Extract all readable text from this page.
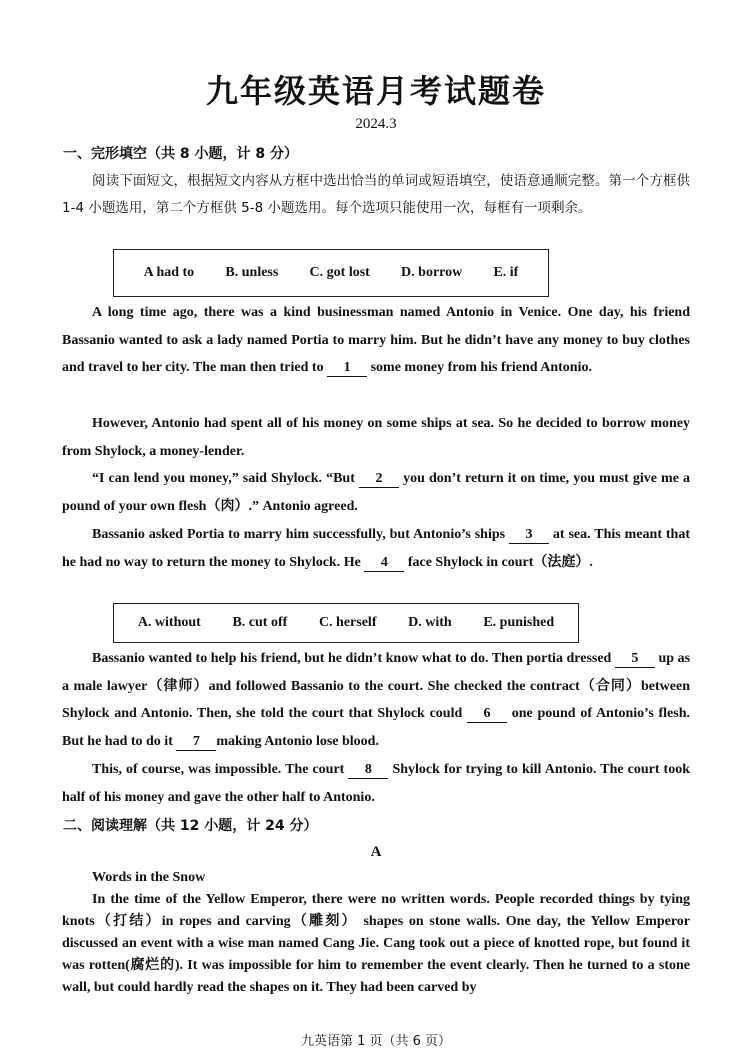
九年级英语月考试题卷
2024.3
一、完形填空（共 8 小题，计 8 分）
阅读下面短文，根据短文内容从方框中选出恰当的单词或短语填空，使语意通顺完整。第一个方框供 1-4 小题选用，第二个方框供 5-8 小题选用。每个选项只能使用一次，每框有一项剩余。
A had to B. unless C. got lost D. borrow E. if
A long time ago, there was a kind businessman named Antonio in Venice. One day, his friend Bassanio wanted to ask a lady named Portia to marry him. But he didn’t have any money to buy clothes and travel to her city. The man then tried to 1 some money from his friend Antonio.
However, Antonio had spent all of his money on some ships at sea. So he decided to borrow money from Shylock, a money-lender.
“I can lend you money,” said Shylock. “But 2 you don’t return it on time, you must give me a pound of your own flesh（肉）.” Antonio agreed.
Bassanio asked Portia to marry him successfully, but Antonio’s ships 3 at sea. This meant that he had no way to return the money to Shylock. He 4 face Shylock in court（法庭）.
A. without B. cut off C. herself D. with E. punished
Bassanio wanted to help his friend, but he didn’t know what to do. Then portia dressed 5 up as a male lawyer（律师）and followed Bassanio to the court. She checked the contract（合同）between Shylock and Antonio. Then, she told the court that Shylock could 6 one pound of Antonio’s flesh. But he had to do it 7 making Antonio lose blood.
This, of course, was impossible. The court 8 Shylock for trying to kill Antonio. The court took half of his money and gave the other half to Antonio.
二、阅读理解（共 12 小题，计 24 分）
A
Words in the Snow
In the time of the Yellow Emperor, there were no written words. People recorded things by tying knots（打结）in ropes and carving（雕刻） shapes on stone walls. One day, the Yellow Emperor discussed an event with a wise man named Cang Jie. Cang took out a piece of knotted rope, but found it was rotten(腐烂的). It was impossible for him to remember the event clearly. Then he turned to a stone wall, but could hardly read the shapes on it. They had been carved by
九英语第 1 页（共 6 页）
